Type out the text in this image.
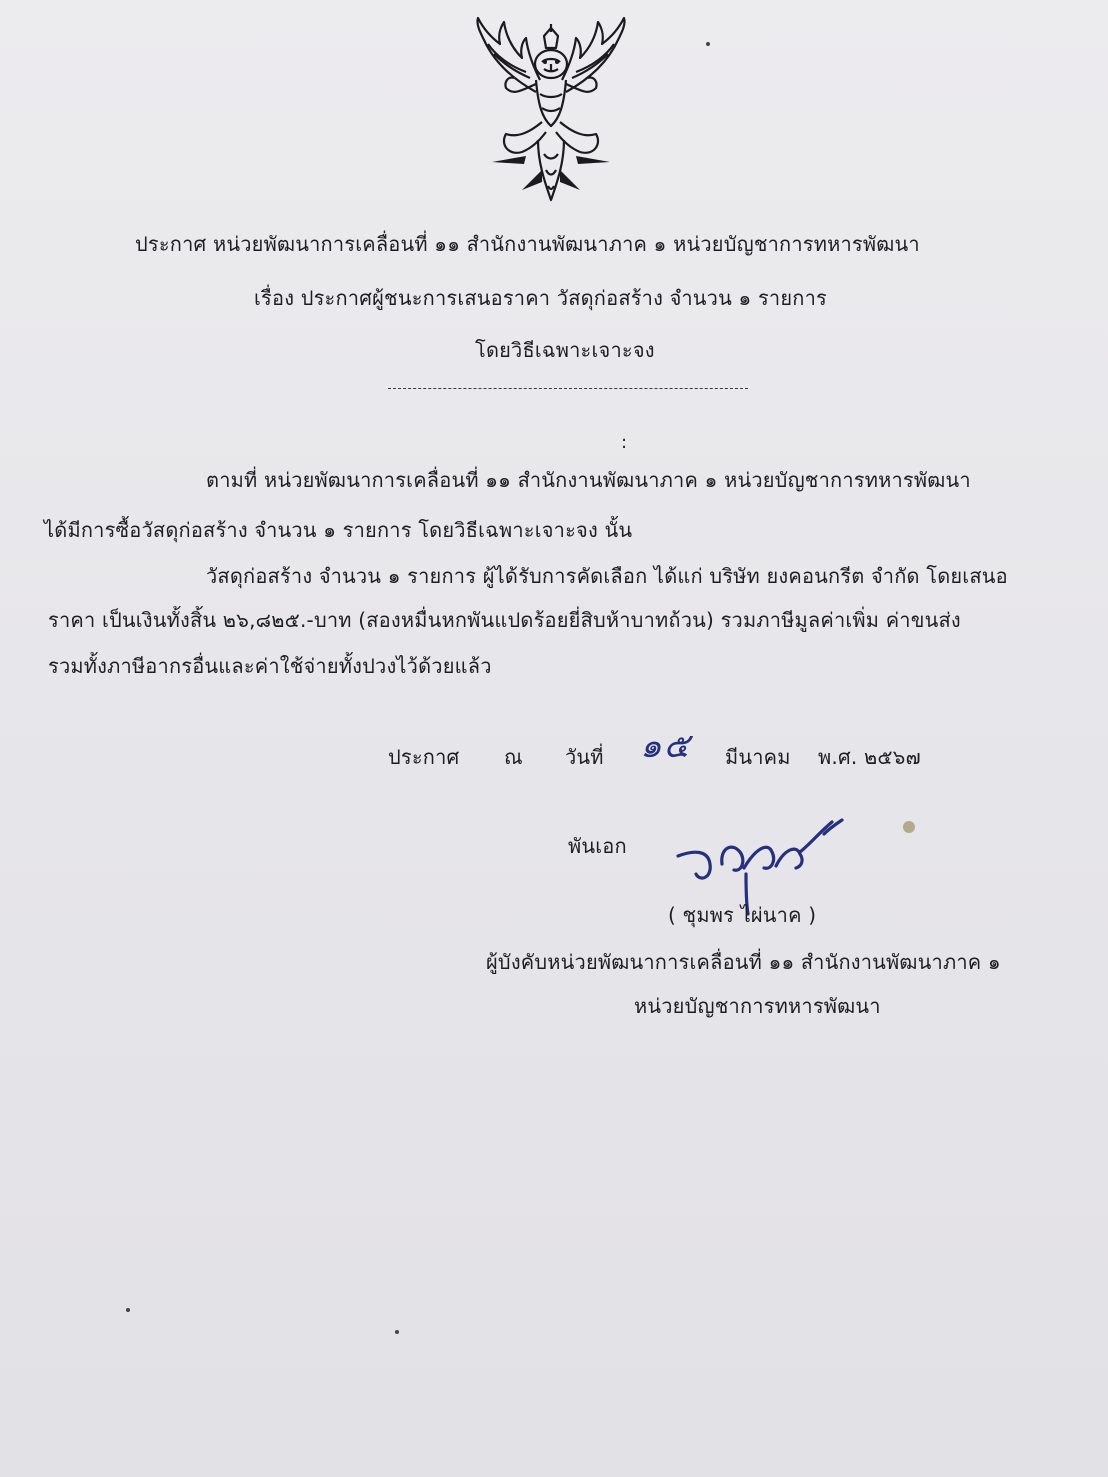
ประกาศ หน่วยพัฒนาการเคลื่อนที่ ๑๑ สำนักงานพัฒนาภาค ๑ หน่วยบัญชาการทหารพัฒนา
เรื่อง ประกาศผู้ชนะการเสนอราคา วัสดุก่อสร้าง จำนวน ๑ รายการ
โดยวิธีเฉพาะเจาะจง
:
ตามที่ หน่วยพัฒนาการเคลื่อนที่ ๑๑ สำนักงานพัฒนาภาค ๑ หน่วยบัญชาการทหารพัฒนา
ได้มีการซื้อวัสดุก่อสร้าง จำนวน ๑ รายการ โดยวิธีเฉพาะเจาะจง นั้น
วัสดุก่อสร้าง จำนวน ๑ รายการ ผู้ได้รับการคัดเลือก ได้แก่ บริษัท ยงคอนกรีต จำกัด โดยเสนอ
ราคา เป็นเงินทั้งสิ้น ๒๖,๘๒๕.-บาท (สองหมื่นหกพันแปดร้อยยี่สิบห้าบาทถ้วน) รวมภาษีมูลค่าเพิ่ม ค่าขนส่ง
รวมทั้งภาษีอากรอื่นและค่าใช้จ่ายทั้งปวงไว้ด้วยแล้ว
ประกาศ ณ วันที่ ๑๕ มีนาคม พ.ศ. ๒๕๖๗
พันเอก
( ชุมพร ไผ่นาค )
ผู้บังคับหน่วยพัฒนาการเคลื่อนที่ ๑๑ สำนักงานพัฒนาภาค ๑
หน่วยบัญชาการทหารพัฒนา
